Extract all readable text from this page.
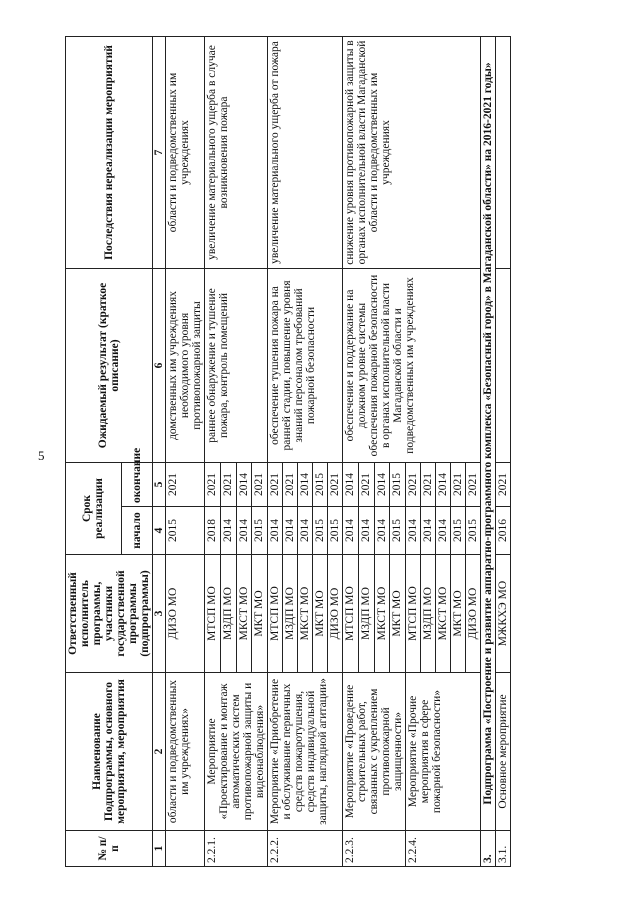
5
№ п/п	Наименование Подпрограммы, основного мероприятия, мероприятия	Ответственный исполнитель программы, участники государственной программы (подпрограммы)	Срок реализации		Ожидаемый результат (краткое описание)	Последствия нереализации мероприятий
			начало	окончание		
1	2	3	4	5	6	7
	области и подведомственных им учреждениях»	ДИЗО МО	2015	2021	домственных им учреждениях необходимого уровня противопожарной защиты	области и подведомственных им учреждениях
2.2.1.	Мероприятие «Проектирование и монтаж автоматических систем противопожарной защиты и видеонаблюдения»	МТСП МО	2018	2021	раннее обнаружение и тушение пожара, контроль помещений	увеличение материального ущерба в случае возникновения пожара
		МЗДП МО	2014	2021		
		МКСТ МО	2014	2014		
		МКТ МО	2015	2021		
2.2.2.	Мероприятие «Приобретение и обслуживание первичных средств пожаротушения, средств индивидуальной защиты, наглядной агитации»	МТСП МО	2014	2021	обеспечение тушения пожара на ранней стадии, повышение уровня знаний персоналом требований пожарной безопасности	увеличение материального ущерба от пожара
		МЗДП МО	2014	2021		
		МКСТ МО	2014	2014		
		МКТ МО	2015	2015		
		ДИЗО МО	2015	2021		
2.2.3.	Мероприятие «Проведение строительных работ, связанных с укреплением противопожарной защищенности»	МТСП МО	2014	2014	обеспечение и поддержание на должном уровне системы обеспечения пожарной безопасности в органах исполнительной власти Магаданской области и подведомственных им учреждениях	снижение уровня противопожарной защиты в органах исполнительной власти Магаданской области и подведомственных им учреждениях
		МЗДП МО	2014	2021		
		МКСТ МО	2014	2014		
		МКТ МО	2015	2015		
2.2.4.	Мероприятие «Прочие мероприятия в сфере пожарной безопасности»	МТСП МО	2014	2021		
		МЗДП МО	2014	2021		
		МКСТ МО	2014	2014		
		МКТ МО	2015	2021		
		ДИЗО МО	2015	2021		
3.	Подпрограмма «Построение и развитие аппаратно-программного комплекса «Безопасный город» в Магаданской области» на 2016-2021 годы»					
3.1.	Основное мероприятие	МЖКХЭ МО	2016	2021		
